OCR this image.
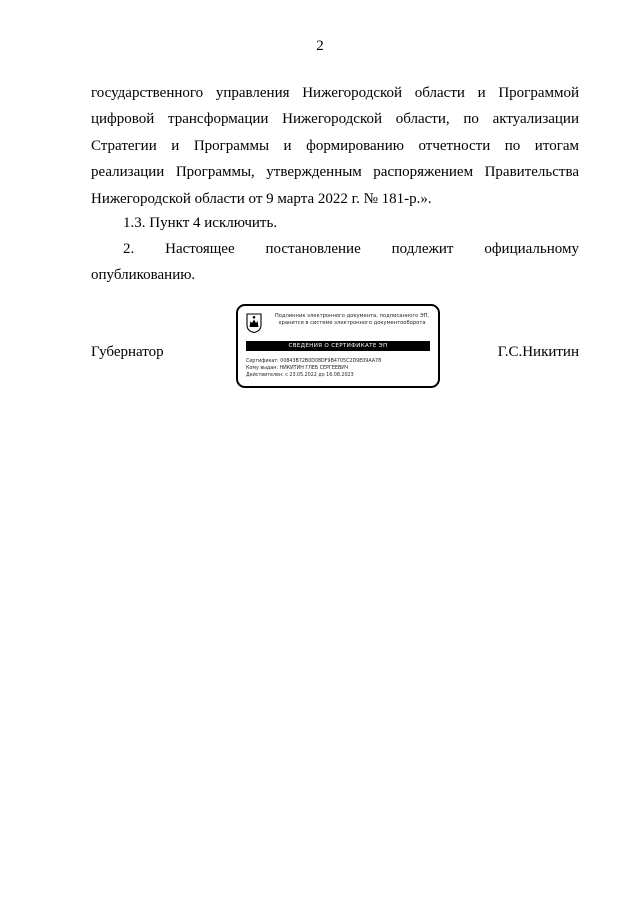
2

государственного управления Нижегородской области и Программой

цифровой трансформации Нижегородской области, по актуализации

Стратегии и Программы и формированию отчетности по итогам

реализации Программы, утвержденным распоряжением Правительства

Нижегородской области от 9 марта 2022 г. № 181-р.».

1.3. Пункт 4 исключить.

2. Настоящее постановление подлежит официальному

опубликованию.

Губернатор	Г.С.Никитин
Подлинник электронного документа, подписанного ЭП,
хранится в системе электронного документооборота
СВЕДЕНИЯ О СЕРТИФИКАТЕ ЭП
Сертификат: 00843B72B0D08DF9B4705C2D9E09AA78
Кому выдан: НИКИТИН ГЛЕБ СЕРГЕЕВИЧ
Действителен: с 23.05.2022 до 16.08.2023
